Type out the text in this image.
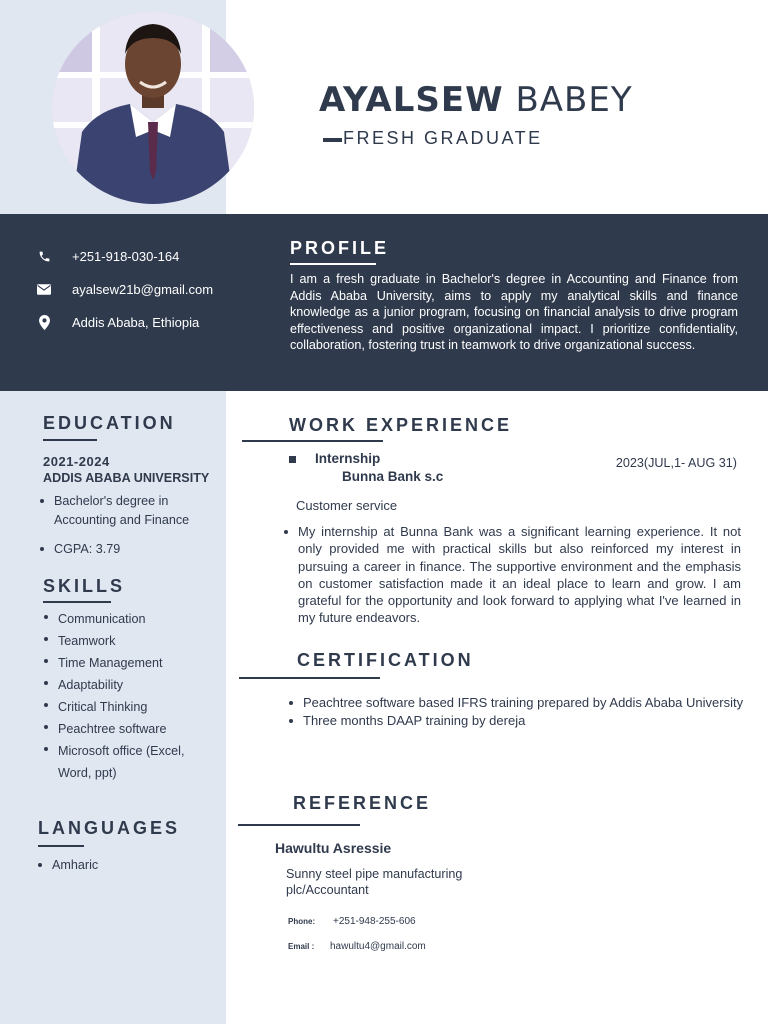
AYALSEW BABEY
FRESH GRADUATE
+251-918-030-164
ayalsew21b@gmail.com
Addis Ababa, Ethiopia
PROFILE
I am a fresh graduate in Bachelor's degree in Accounting and Finance from Addis Ababa University, aims to apply my analytical skills and finance knowledge as a junior program, focusing on financial analysis to drive program effectiveness and positive organizational impact. I prioritize confidentiality, collaboration, fostering trust in teamwork to drive organizational success.
EDUCATION
2021-2024
ADDIS ABABA UNIVERSITY
Bachelor's degree in Accounting and Finance
CGPA: 3.79
SKILLS
Communication
Teamwork
Time Management
Adaptability
Critical Thinking
Peachtree software
Microsoft office (Excel, Word, ppt)
LANGUAGES
Amharic
WORK EXPERIENCE
Internship
Bunna Bank s.c
2023(JUL,1- AUG 31)
Customer service
My internship at Bunna Bank was a significant learning experience. It not only provided me with practical skills but also reinforced my interest in pursuing a career in finance. The supportive environment and the emphasis on customer satisfaction made it an ideal place to learn and grow. I am grateful for the opportunity and look forward to applying what I've learned in my future endeavors.
CERTIFICATION
Peachtree software based IFRS training prepared by Addis Ababa University
Three months DAAP training by dereja
REFERENCE
Hawultu Asressie
Sunny steel pipe manufacturing plc/Accountant
Phone: +251-948-255-606
Email : hawultu4@gmail.com
